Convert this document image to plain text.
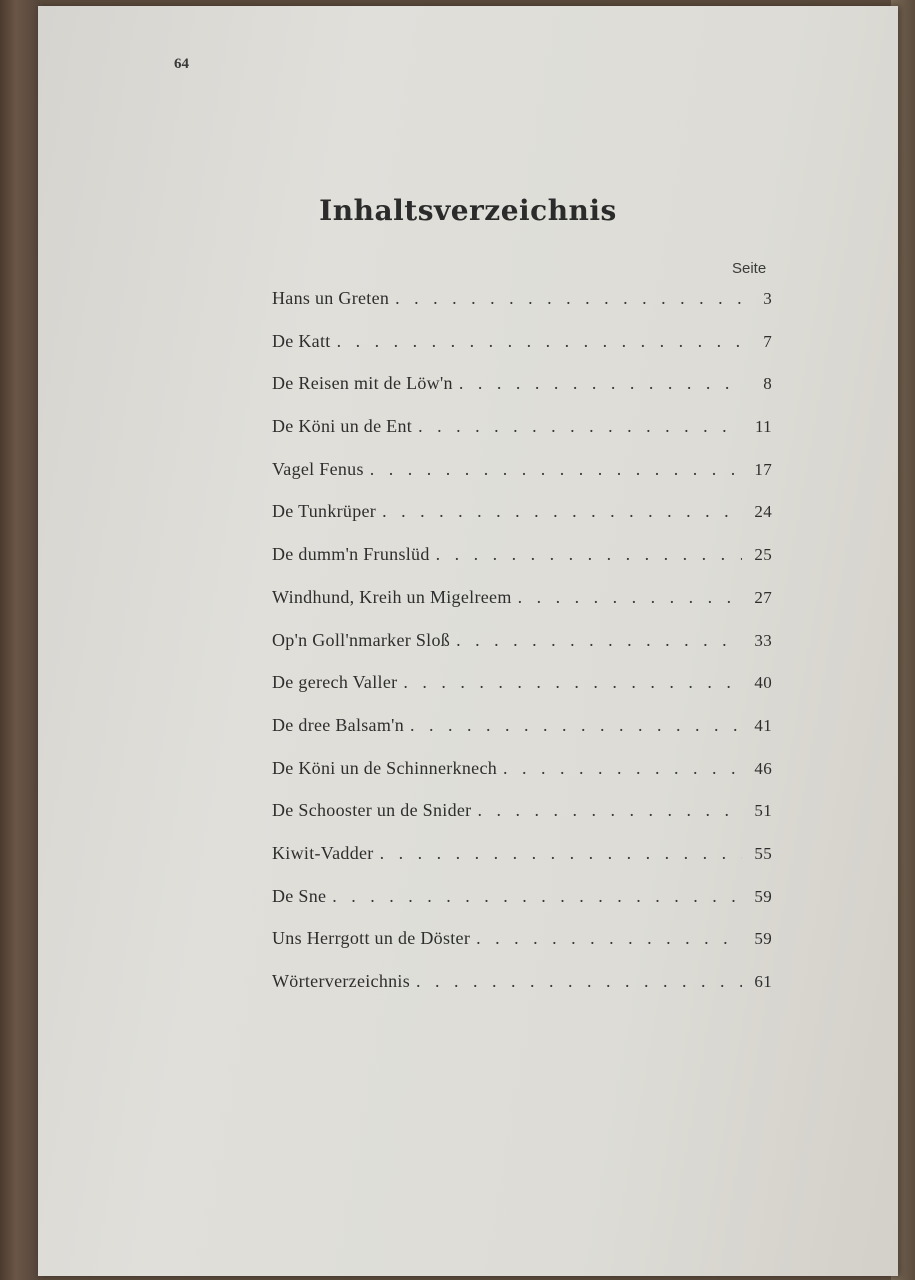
64
Inhaltsverzeichnis
Seite
Hans un Greten . . .	3
De Katt . . .	7
De Reisen mit de Löw'n . . .	8
De Köni un de Ent . . .	11
Vagel Fenus . . .	17
De Tunkrüper . . .	24
De dumm'n Frunslüd . . .	25
Windhund, Kreih un Migelreem . . .	27
Op'n Goll'nmarker Sloß . . .	33
De gerech Valler . . .	40
De dree Balsam'n . . .	41
De Köni un de Schinnerknech . . .	46
De Schooster un de Snider . . .	51
Kiwit-Vadder . . .	55
De Sne . . .	59
Uns Herrgott un de Döster . . .	59
Wörterverzeichnis . . .	61
